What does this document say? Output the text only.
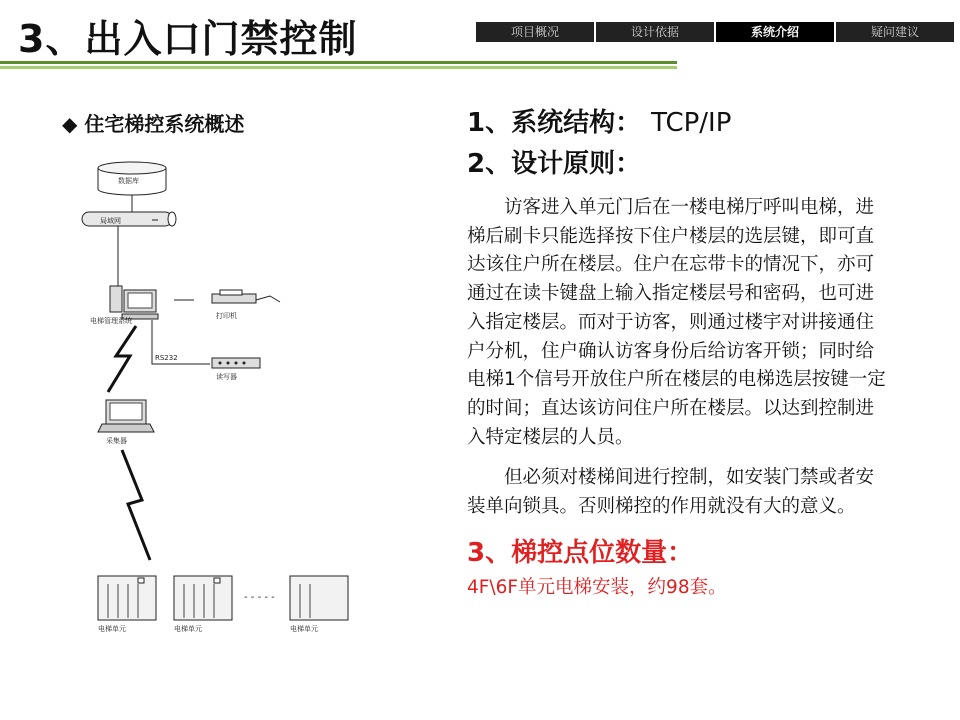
3、出入口门禁控制	项目概况	设计依据	系统介绍	疑问建议
◆ 住宅梯控系统概述
数据库
局域网
电梯管理系统
打印机
RS232
读写器
采集器
电梯单元	电梯单元
- - - - -
电梯单元

1、系统结构： TCP/IP

2、设计原则：

访客进入单元门后在一楼电梯厅呼叫电梯，进梯后刷卡只能选择按下住户楼层的选层键，即可直达该住户所在楼层。住户在忘带卡的情况下，亦可通过在读卡键盘上输入指定楼层号和密码，也可进入指定楼层。而对于访客，则通过楼宇对讲接通住户分机，住户确认访客身份后给访客开锁；同时给电梯1个信号开放住户所在楼层的电梯选层按键一定的时间；直达该访问住户所在楼层。以达到控制进入特定楼层的人员。

但必须对楼梯间进行控制，如安装门禁或者安装单向锁具。否则梯控的作用就没有大的意义。

3、梯控点位数量：

4F\6F单元电梯安装，约98套。
